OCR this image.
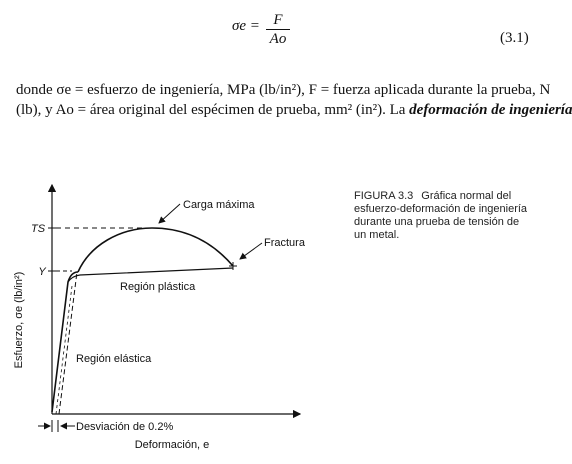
σe = F
Ao	(3.1)
donde σe = esfuerzo de ingeniería, MPa (lb/in²), F = fuerza aplicada durante la prueba, N
(lb), y Ao = área original del espécimen de prueba, mm² (in²). La deformación de ingeniería
TS
Y
Esfuerzo, σe (lb/in²)
Deformación, e
Carga máxima
Fractura
Región plástica
Región elástica
Desviación de 0.2%
FIGURA 3.3 Gráfica normal del esfuerzo-deformación de ingeniería durante una prueba de tensión de un metal.
